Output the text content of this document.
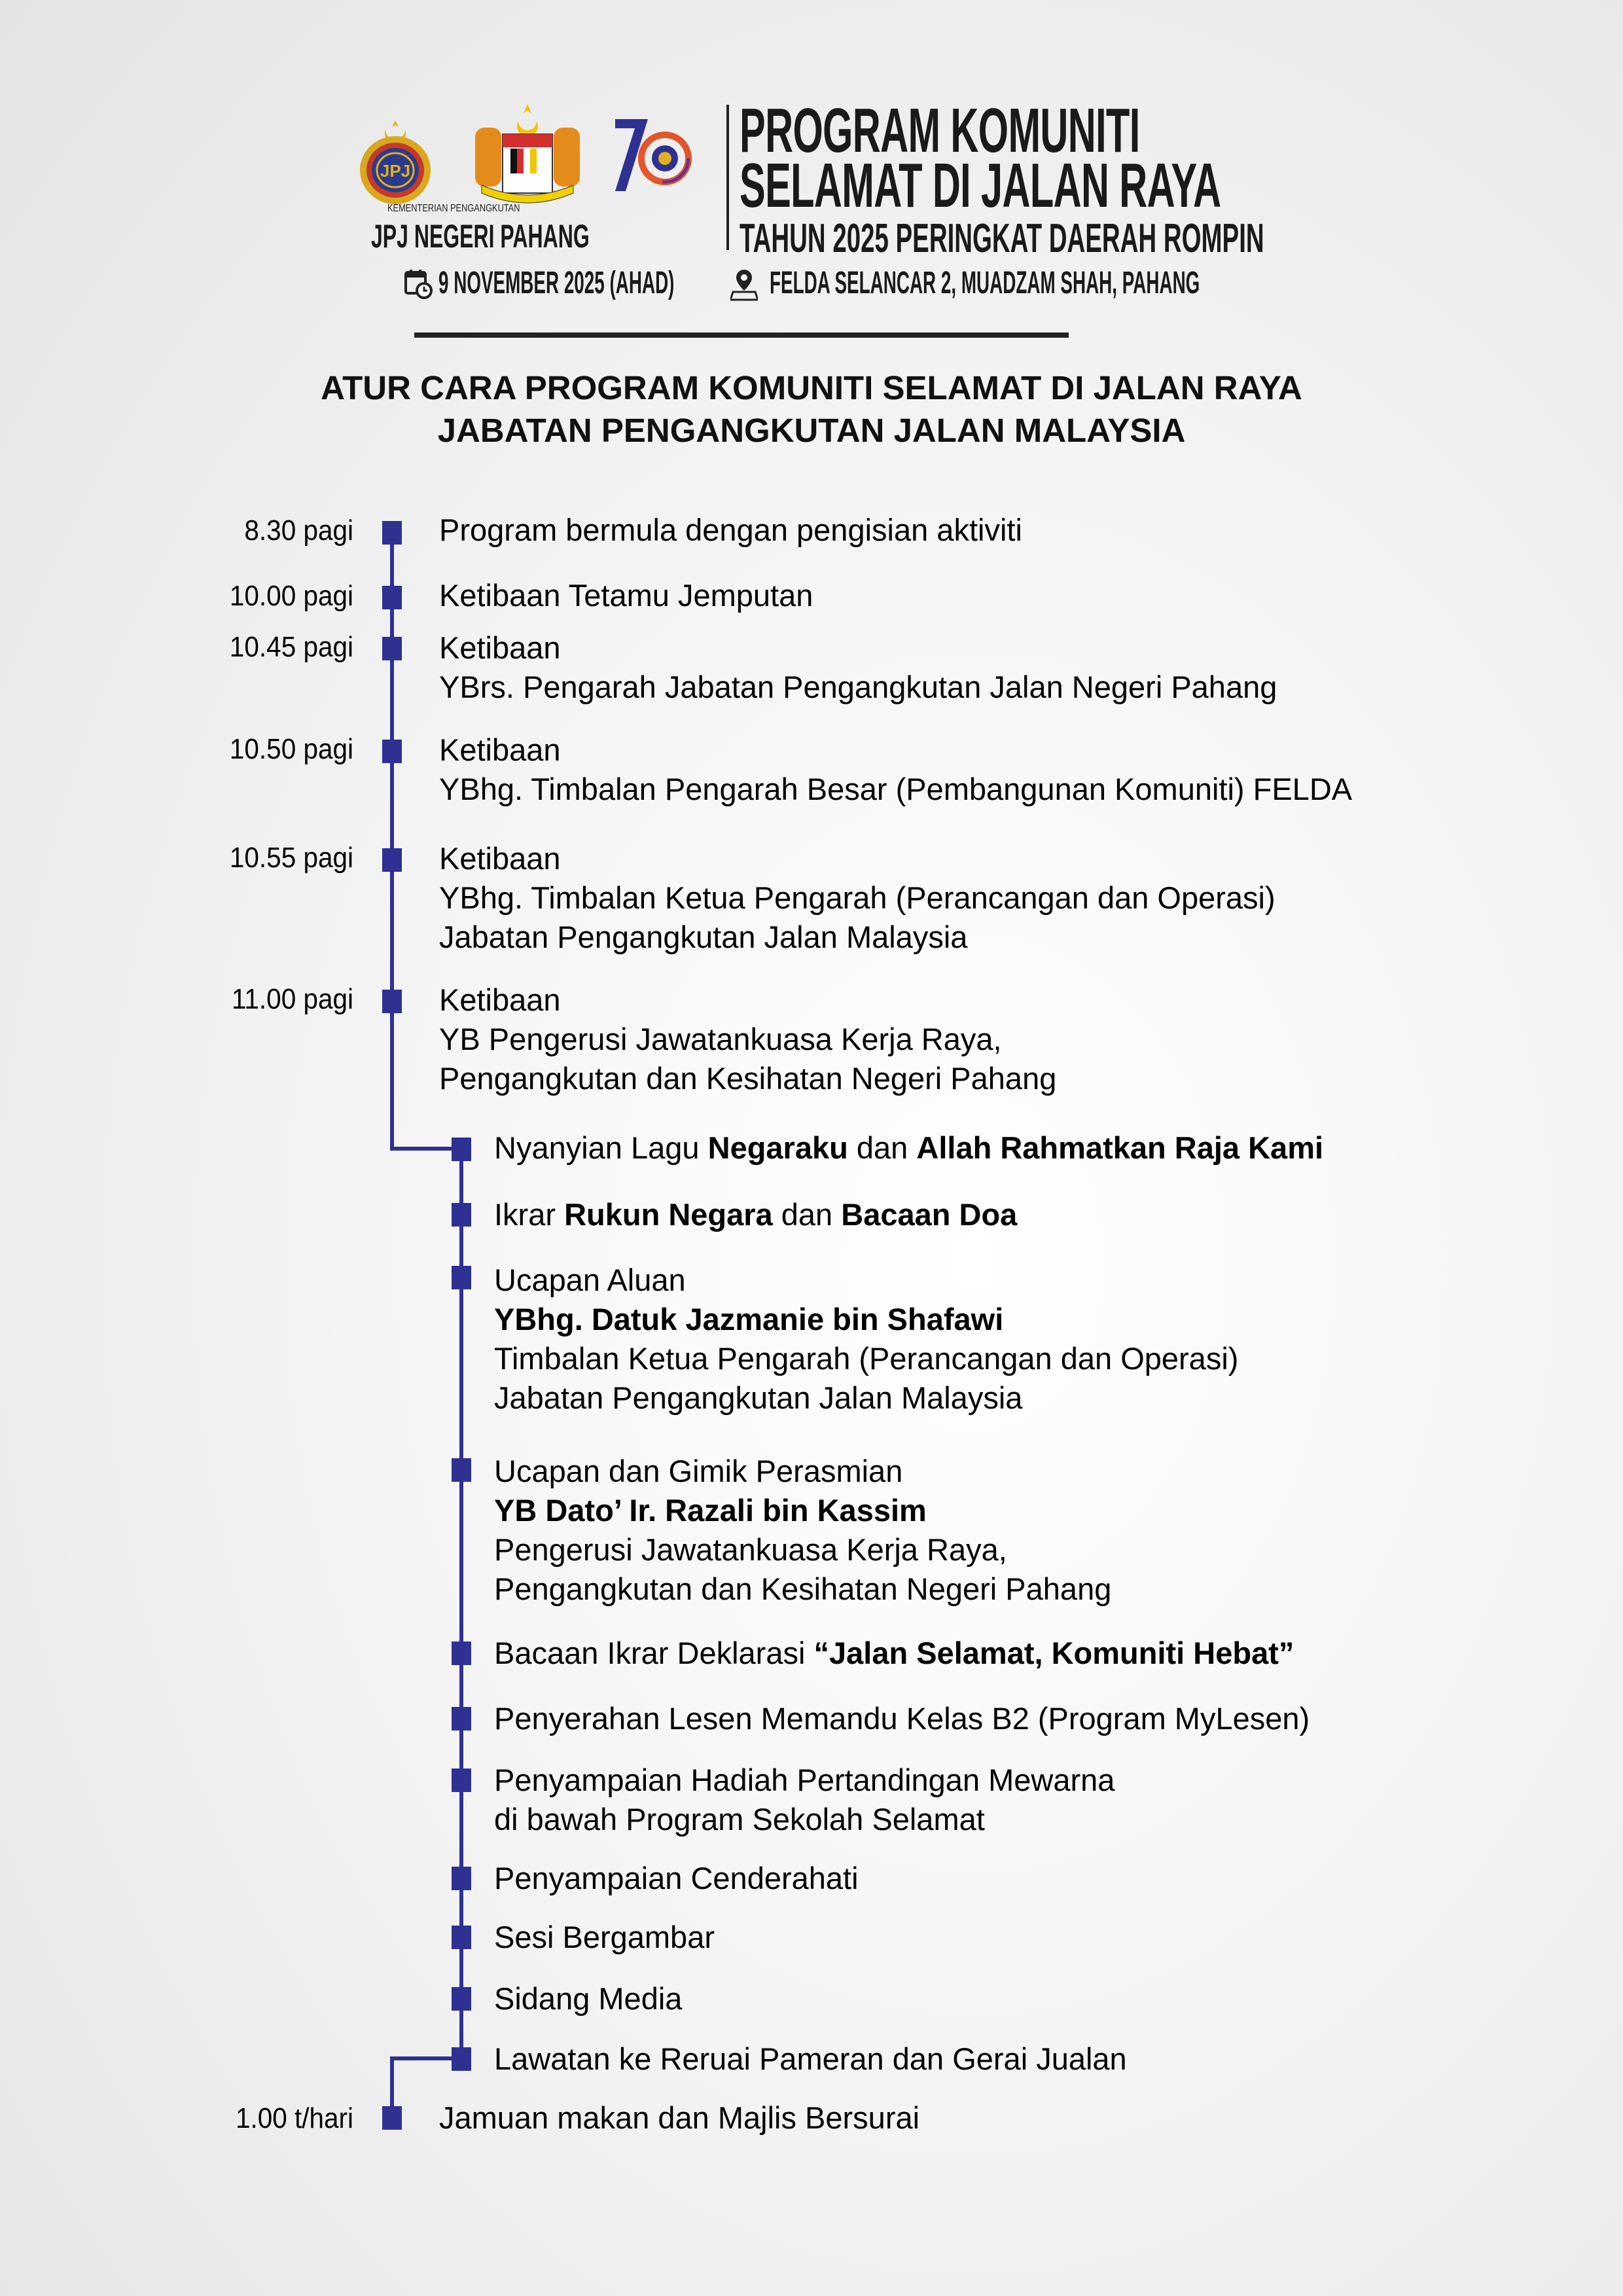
JPJ
KEMENTERIAN PENGANGKUTAN
JPJ NEGERI PAHANG
PROGRAM KOMUNITI
SELAMAT DI JALAN RAYA
TAHUN 2025 PERINGKAT DAERAH ROMPIN
9 NOVEMBER 2025 (AHAD)	FELDA SELANCAR 2, MUADZAM SHAH, PAHANG
ATUR CARA PROGRAM KOMUNITI SELAMAT DI JALAN RAYA
JABATAN PENGANGKUTAN JALAN MALAYSIA
8.30 pagi	Program bermula dengan pengisian aktiviti
10.00 pagi	Ketibaan Tetamu Jemputan
10.45 pagi	Ketibaan
YBrs. Pengarah Jabatan Pengangkutan Jalan Negeri Pahang
10.50 pagi	Ketibaan
YBhg. Timbalan Pengarah Besar (Pembangunan Komuniti) FELDA
10.55 pagi	Ketibaan
YBhg. Timbalan Ketua Pengarah (Perancangan dan Operasi)
Jabatan Pengangkutan Jalan Malaysia
11.00 pagi	Ketibaan
YB Pengerusi Jawatankuasa Kerja Raya,
Pengangkutan dan Kesihatan Negeri Pahang
Nyanyian Lagu Negaraku dan Allah Rahmatkan Raja Kami
Ikrar Rukun Negara dan Bacaan Doa
Ucapan Aluan
YBhg. Datuk Jazmanie bin Shafawi
Timbalan Ketua Pengarah (Perancangan dan Operasi)
Jabatan Pengangkutan Jalan Malaysia
Ucapan dan Gimik Perasmian
YB Dato’ Ir. Razali bin Kassim
Pengerusi Jawatankuasa Kerja Raya,
Pengangkutan dan Kesihatan Negeri Pahang
Bacaan Ikrar Deklarasi “Jalan Selamat, Komuniti Hebat”
Penyerahan Lesen Memandu Kelas B2 (Program MyLesen)
Penyampaian Hadiah Pertandingan Mewarna
di bawah Program Sekolah Selamat
Penyampaian Cenderahati
Sesi Bergambar
Sidang Media
Lawatan ke Reruai Pameran dan Gerai Jualan
1.00 t/hari	Jamuan makan dan Majlis Bersurai
